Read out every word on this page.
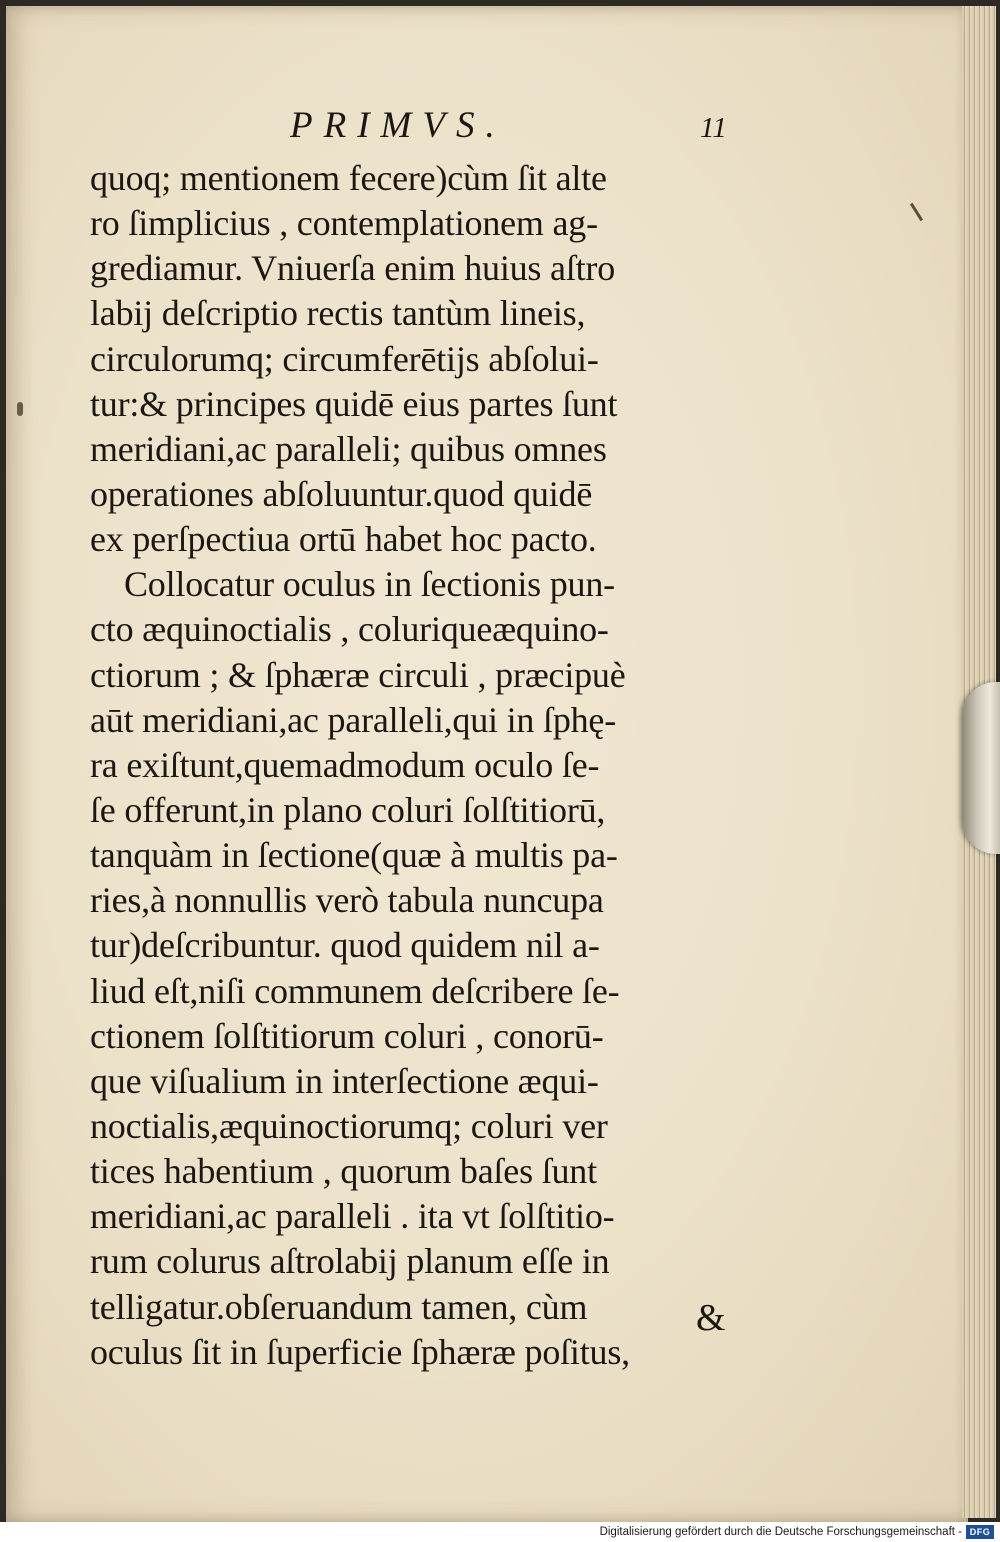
PRIMVS.	11
quoq; mentionem fecere)cùm ſit alte
ro ſimplicius , contemplationem ag-
grediamur. Vniuerſa enim huius aſtro
labij deſcriptio rectis tantùm lineis,
circulorumq; circumferētijs abſolui-
tur:& principes quidē eius partes ſunt
meridiani,ac paralleli; quibus omnes
operationes abſoluuntur.quod quidē
ex perſpectiua ortū habet hoc pacto.
Collocatur oculus in ſectionis pun-
cto æquinoctialis , coluriqueæquino-
ctiorum ; & ſphæræ circuli , præcipuè
aūt meridiani,ac paralleli,qui in ſphę-
ra exiſtunt,quemadmodum oculo ſe-
ſe offerunt,in plano coluri ſolſtitiorū,
tanquàm in ſectione(quæ à multis pa-
ries,à nonnullis verò tabula nuncupa
tur)deſcribuntur. quod quidem nil a-
liud eſt,niſi communem deſcribere ſe-
ctionem ſolſtitiorum coluri , conorū-
que viſualium in interſectione æqui-
noctialis,æquinoctiorumq; coluri ver
tices habentium , quorum baſes ſunt
meridiani,ac paralleli . ita vt ſolſtitio-
rum colurus aſtrolabij planum eſſe in
telligatur.obſeruandum tamen, cùm
oculus ſit in ſuperficie ſphæræ poſitus,
&
Digitalisierung gefördert durch die Deutsche Forschungsgemeinschaft - DFG
